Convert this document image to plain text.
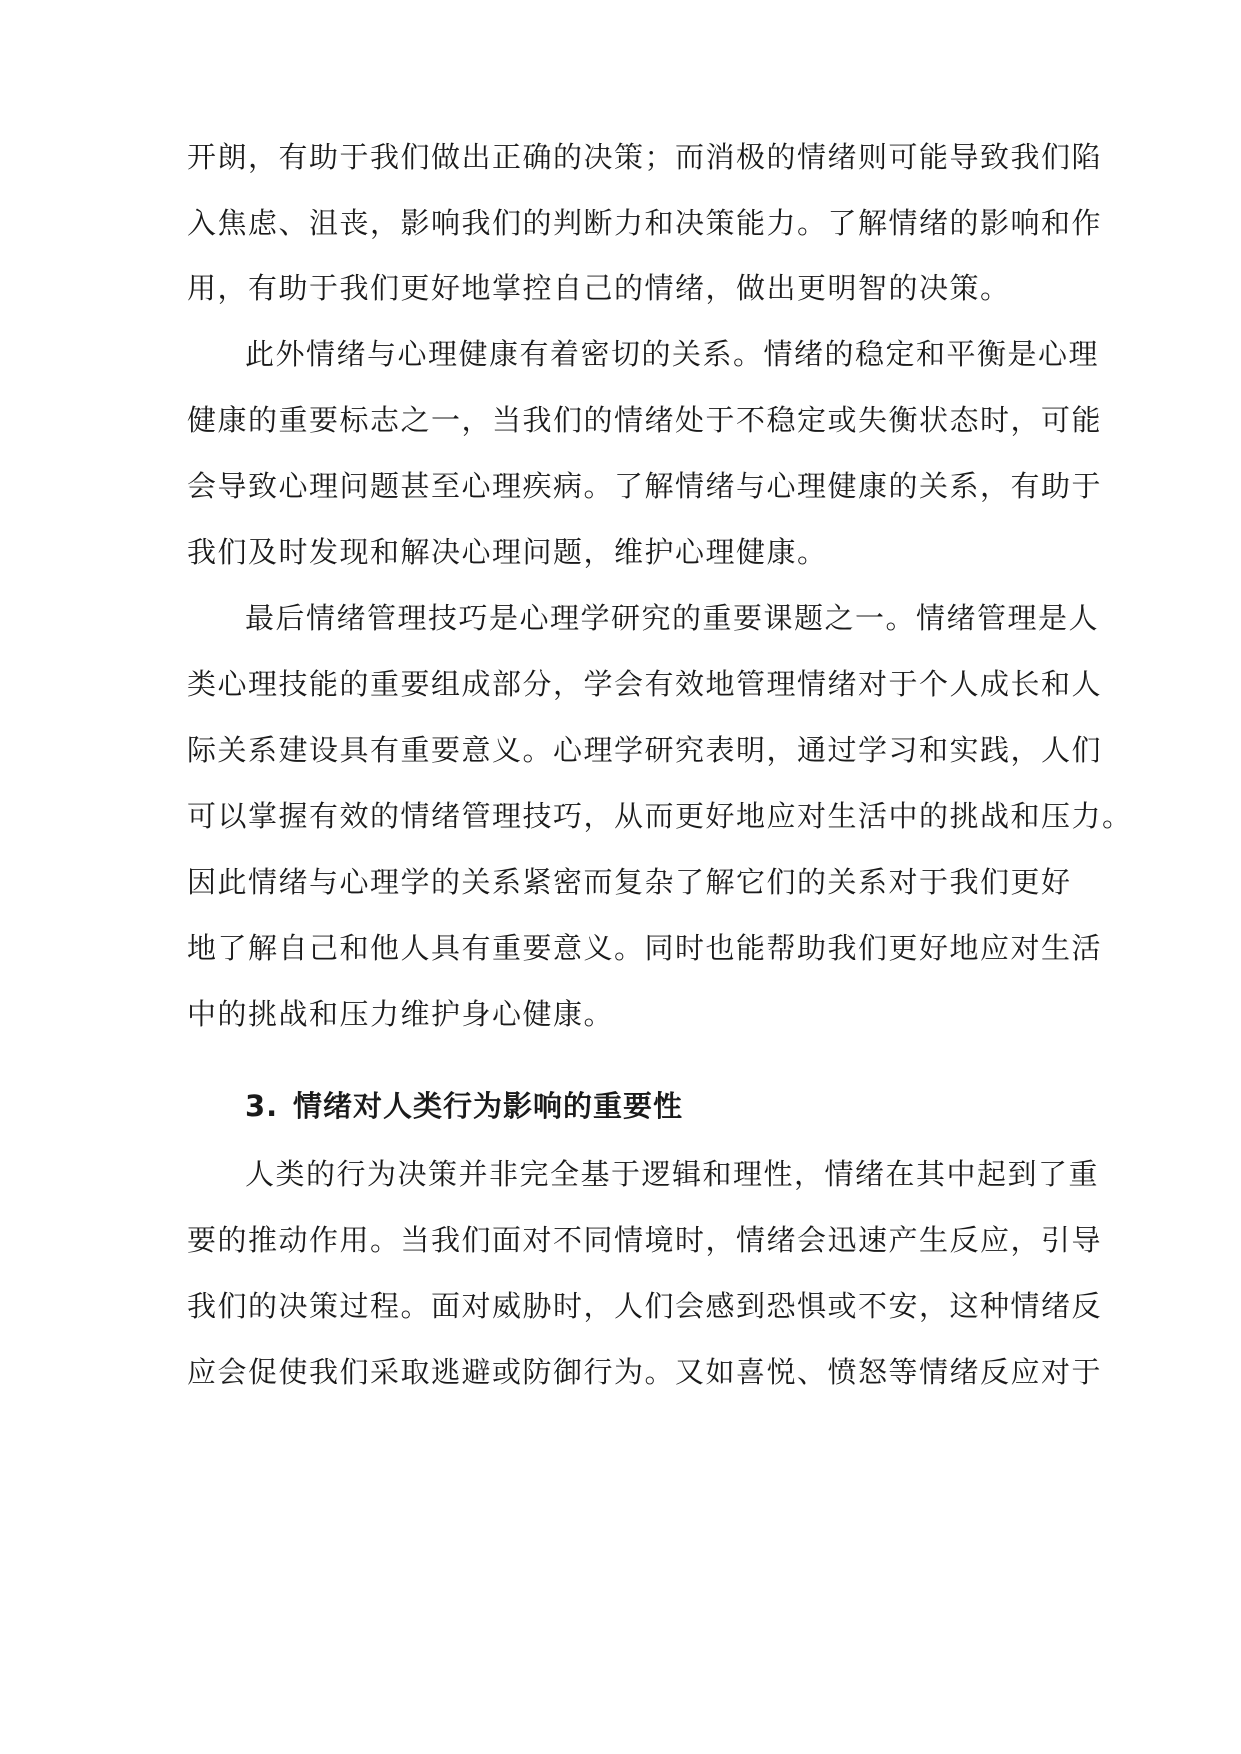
开朗，有助于我们做出正确的决策；而消极的情绪则可能导致我们陷

入焦虑、沮丧，影响我们的判断力和决策能力。了解情绪的影响和作

用，有助于我们更好地掌控自己的情绪，做出更明智的决策。

此外情绪与心理健康有着密切的关系。情绪的稳定和平衡是心理

健康的重要标志之一，当我们的情绪处于不稳定或失衡状态时，可能

会导致心理问题甚至心理疾病。了解情绪与心理健康的关系，有助于

我们及时发现和解决心理问题，维护心理健康。

最后情绪管理技巧是心理学研究的重要课题之一。情绪管理是人

类心理技能的重要组成部分，学会有效地管理情绪对于个人成长和人

际关系建设具有重要意义。心理学研究表明，通过学习和实践，人们

可以掌握有效的情绪管理技巧，从而更好地应对生活中的挑战和压力。

因此情绪与心理学的关系紧密而复杂了解它们的关系对于我们更好

地了解自己和他人具有重要意义。同时也能帮助我们更好地应对生活

中的挑战和压力维护身心健康。

3. 情绪对人类行为影响的重要性

人类的行为决策并非完全基于逻辑和理性，情绪在其中起到了重

要的推动作用。当我们面对不同情境时，情绪会迅速产生反应，引导

我们的决策过程。面对威胁时，人们会感到恐惧或不安，这种情绪反

应会促使我们采取逃避或防御行为。又如喜悦、愤怒等情绪反应对于
